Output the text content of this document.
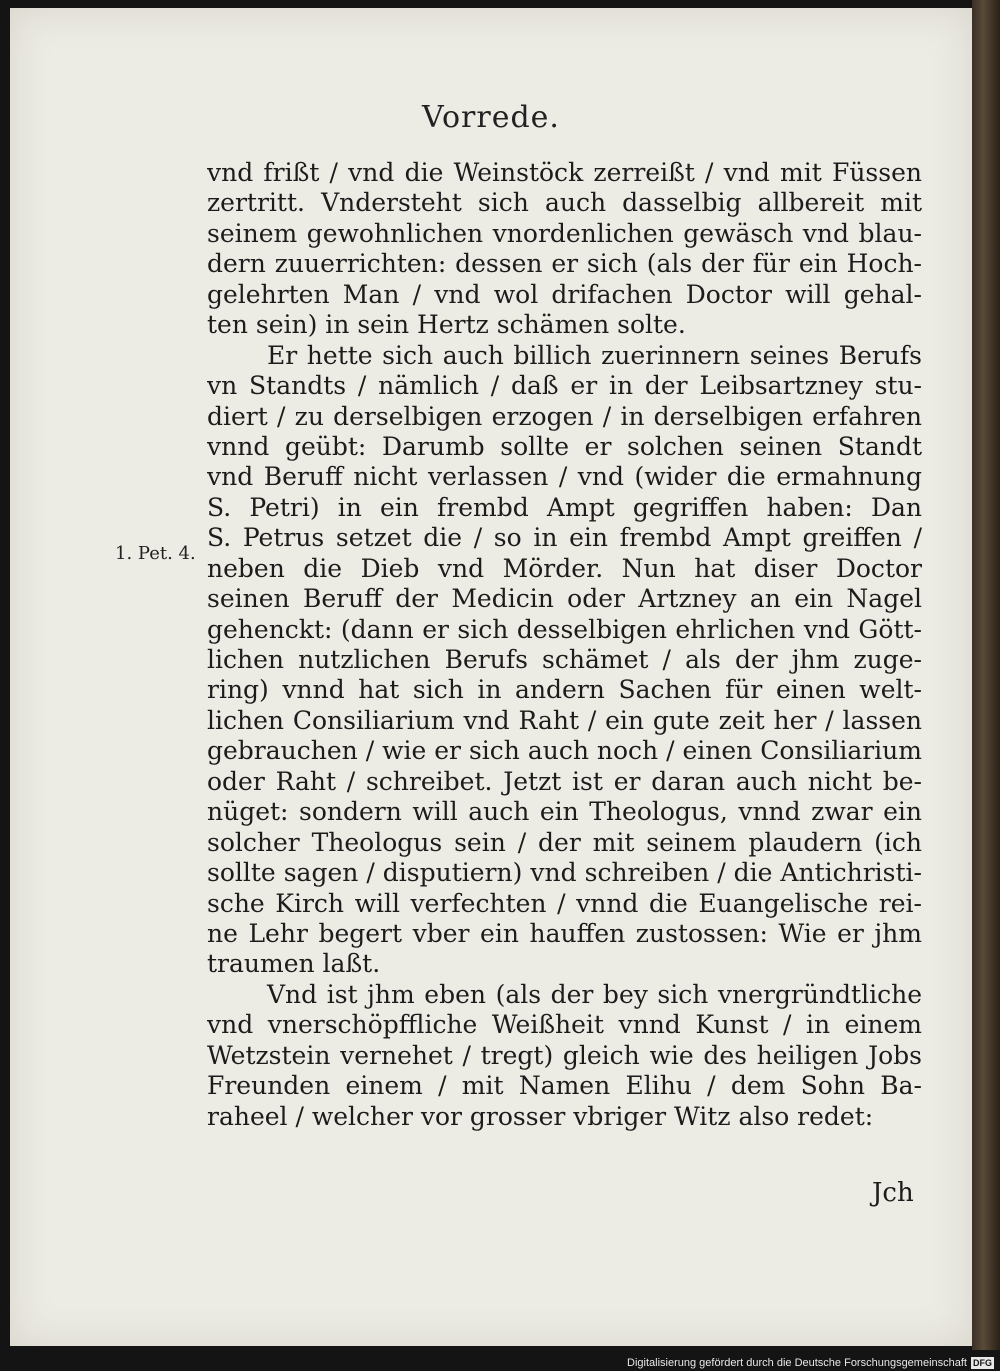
Vorrede.
1. Pet. 4.
vnd frißt / vnd die Weinstöck zerreißt / vnd mit Füssen
zertritt. Vndersteht sich auch dasselbig allbereit mit
seinem gewohnlichen vnordenlichen gewäsch vnd blau-
dern zuuerrichten: dessen er sich (als der für ein Hoch-
gelehrten Man / vnd wol drifachen Doctor will gehal-
ten sein) in sein Hertz schämen solte.
Er hette sich auch billich zuerinnern seines Berufs
vn Standts / nämlich / daß er in der Leibsartzney stu-
diert / zu derselbigen erzogen / in derselbigen erfahren
vnnd geübt: Darumb sollte er solchen seinen Standt
vnd Beruff nicht verlassen / vnd (wider die ermahnung
S. Petri) in ein frembd Ampt gegriffen haben: Dan
S. Petrus setzet die / so in ein frembd Ampt greiffen /
neben die Dieb vnd Mörder. Nun hat diser Doctor
seinen Beruff der Medicin oder Artzney an ein Nagel
gehenckt: (dann er sich desselbigen ehrlichen vnd Gött-
lichen nutzlichen Berufs schämet / als der jhm zuge-
ring) vnnd hat sich in andern Sachen für einen welt-
lichen Consiliarium vnd Raht / ein gute zeit her / lassen
gebrauchen / wie er sich auch noch / einen Consiliarium
oder Raht / schreibet. Jetzt ist er daran auch nicht be-
nüget: sondern will auch ein Theologus, vnnd zwar ein
solcher Theologus sein / der mit seinem plaudern (ich
sollte sagen / disputiern) vnd schreiben / die Antichristi-
sche Kirch will verfechten / vnnd die Euangelische rei-
ne Lehr begert vber ein hauffen zustossen: Wie er jhm
traumen laßt.
Vnd ist jhm eben (als der bey sich vnergründtliche
vnd vnerschöpffliche Weißheit vnnd Kunst / in einem
Wetzstein vernehet / tregt) gleich wie des heiligen Jobs
Freunden einem / mit Namen Elihu / dem Sohn Ba-
raheel / welcher vor grosser vbriger Witz also redet:
Jch
Digitalisierung gefördert durch die Deutsche Forschungsgemeinschaft DFG
